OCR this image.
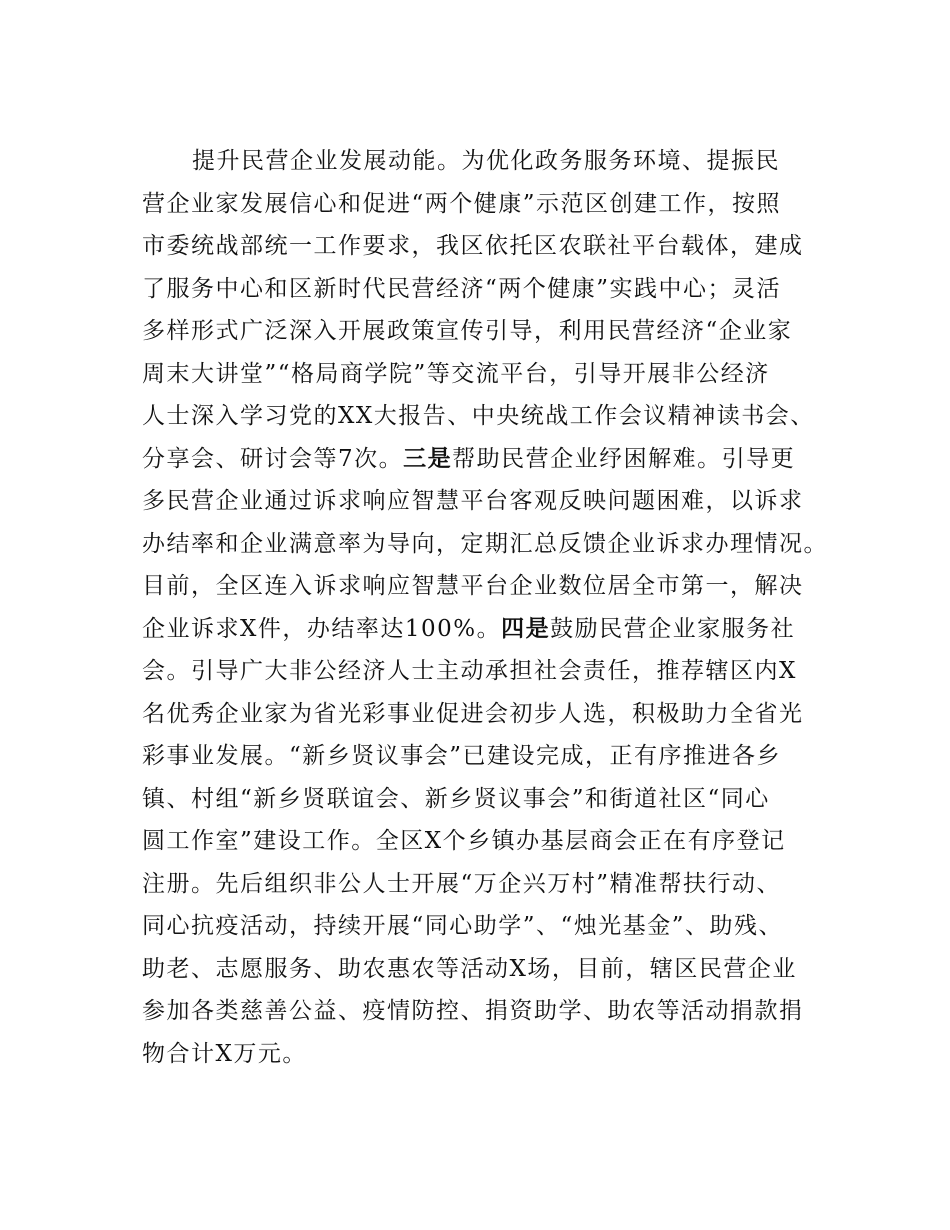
提升民营企业发展动能。为优化政务服务环境、提振民
营企业家发展信心和促进“两个健康”示范区创建工作，按照
市委统战部统一工作要求，我区依托区农联社平台载体，建成
了服务中心和区新时代民营经济“两个健康”实践中心；灵活
多样形式广泛深入开展政策宣传引导，利用民营经济“企业家
周末大讲堂”“格局商学院”等交流平台，引导开展非公经济
人士深入学习党的XX大报告、中央统战工作会议精神读书会、
分享会、研讨会等7次。三是帮助民营企业纾困解难。引导更
多民营企业通过诉求响应智慧平台客观反映问题困难，以诉求
办结率和企业满意率为导向，定期汇总反馈企业诉求办理情况。
目前，全区连入诉求响应智慧平台企业数位居全市第一，解决
企业诉求X件，办结率达100%。四是鼓励民营企业家服务社
会。引导广大非公经济人士主动承担社会责任，推荐辖区内X
名优秀企业家为省光彩事业促进会初步人选，积极助力全省光
彩事业发展。“新乡贤议事会”已建设完成，正有序推进各乡
镇、村组“新乡贤联谊会、新乡贤议事会”和街道社区“同心
圆工作室”建设工作。全区X个乡镇办基层商会正在有序登记
注册。先后组织非公人士开展“万企兴万村”精准帮扶行动、
同心抗疫活动，持续开展“同心助学”、“烛光基金”、助残、
助老、志愿服务、助农惠农等活动X场，目前，辖区民营企业
参加各类慈善公益、疫情防控、捐资助学、助农等活动捐款捐
物合计X万元。
